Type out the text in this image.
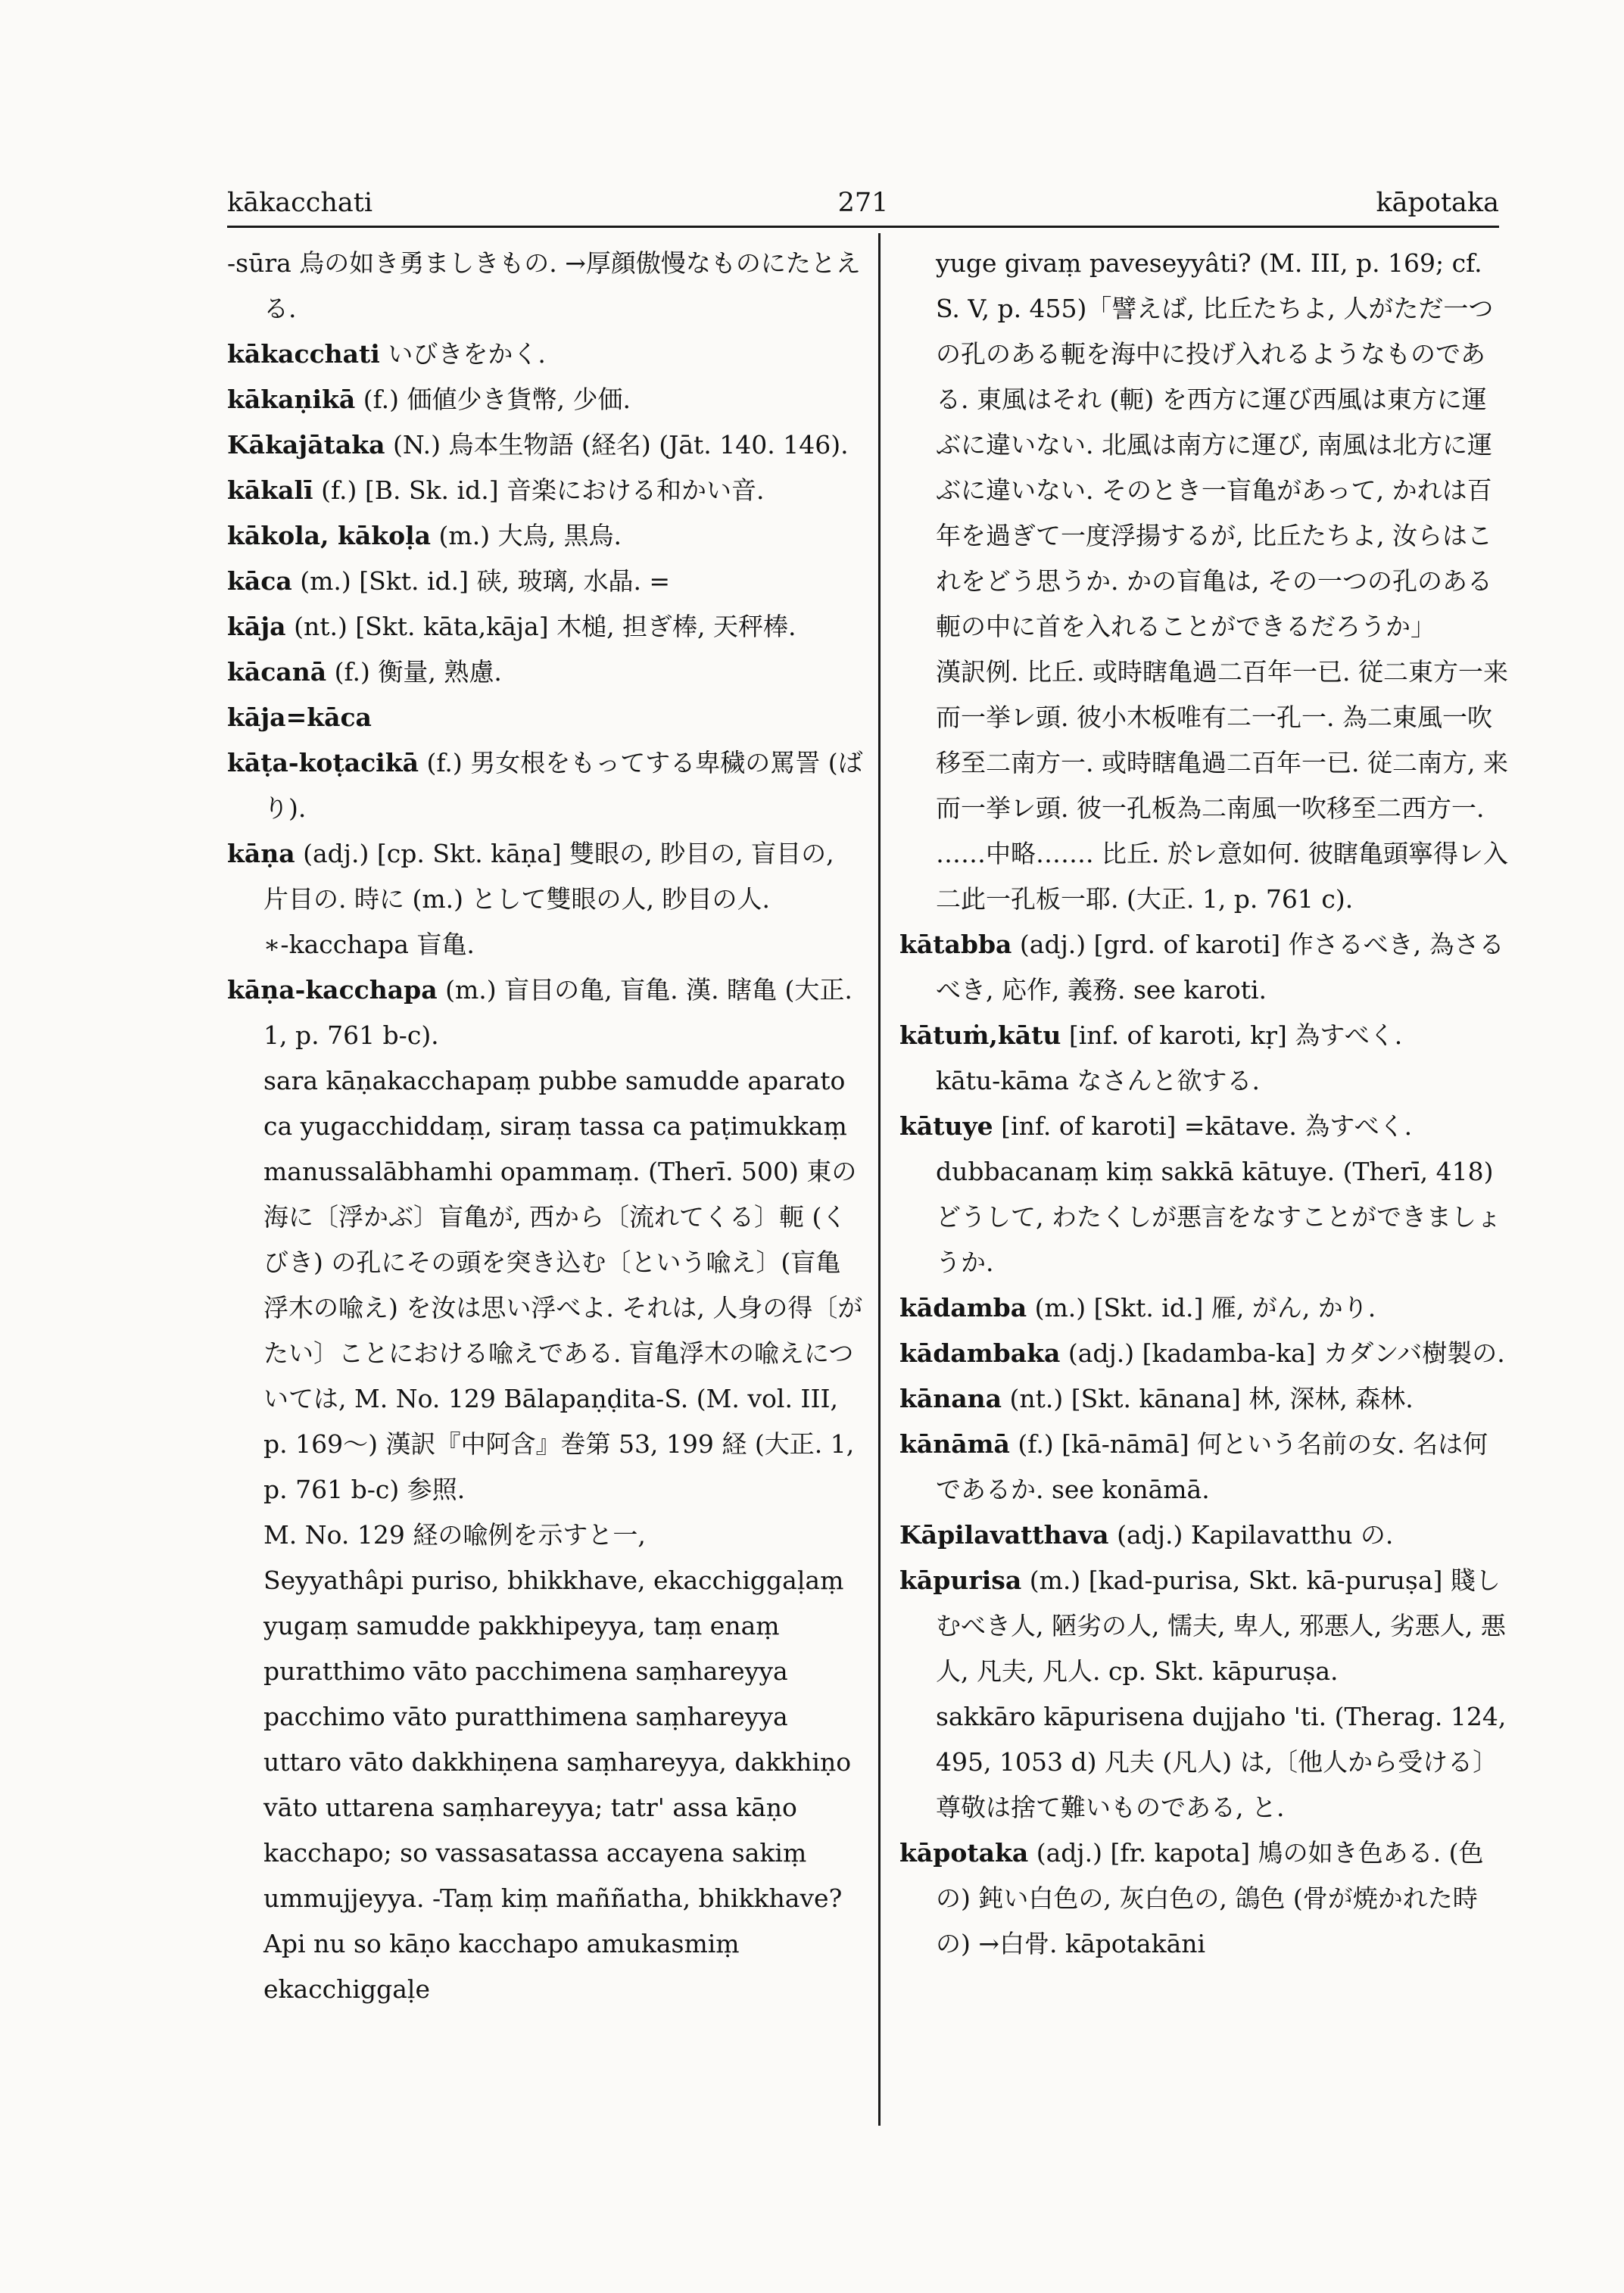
kākacchati	271	kāpotaka

-sūra 烏の如き勇ましきもの. →厚顔傲慢なものにたとえる.

kākacchati いびきをかく.

kākaṇikā (f.) 価値少き貨幣, 少価.

Kākajātaka (N.) 烏本生物語 (経名) (Jāt. 140. 146).

kākalī (f.) [B. Sk. id.] 音楽における和かい音.

kākola, kākoḷa (m.) 大烏, 黒烏.

kāca (m.) [Skt. id.] 硖, 玻璃, 水晶. =

kāja (nt.) [Skt. kāta,kāja] 木槌, 担ぎ棒, 天秤棒.

kācanā (f.) 衡量, 熟慮.

kāja=kāca

kāṭa-koṭacikā (f.) 男女根をもってする卑穢の罵詈 (ばり).

kāṇa (adj.) [cp. Skt. kāṇa] 雙眼の, 眇目の, 盲目の, 片目の. 時に (m.) として雙眼の人, 眇目の人.

∗-kacchapa 盲亀.

kāṇa-kacchapa (m.) 盲目の亀, 盲亀. 漢. 瞎亀 (大正. 1, p. 761 b-c).

sara kāṇakacchapaṃ pubbe samudde aparato ca yugacchiddaṃ, siraṃ tassa ca paṭimukkaṃ manussalābhamhi opammaṃ. (Therī. 500) 東の海に〔浮かぶ〕盲亀が, 西から〔流れてくる〕軛 (くびき) の孔にその頭を突き込む〔という喩え〕(盲亀浮木の喩え) を汝は思い浮べよ. それは, 人身の得〔がたい〕ことにおける喩えである. 盲亀浮木の喩えについては, M. No. 129 Bālapaṇḍita-S. (M. vol. III, p. 169〜) 漢訳『中阿含』巻第 53, 199 経 (大正. 1, p. 761 b-c) 参照.

M. No. 129 経の喩例を示すと一,

Seyyathâpi puriso, bhikkhave, ekacchiggaḷaṃ yugaṃ samudde pakkhipeyya, taṃ enaṃ puratthimo vāto pacchimena saṃhareyya pacchimo vāto puratthimena saṃhareyya uttaro vāto dakkhiṇena saṃhareyya, dakkhiṇo vāto uttarena saṃhareyya; tatr' assa kāṇo kacchapo; so vassasatassa accayena sakiṃ ummujjeyya. -Taṃ kiṃ maññatha, bhikkhave? Api nu so kāṇo kacchapo amukasmiṃ ekacchiggaḷe

yuge givaṃ paveseyyâti? (M. III, p. 169; cf. S. V, p. 455)「譬えば, 比丘たちよ, 人がただ一つの孔のある軛を海中に投げ入れるようなものである. 東風はそれ (軛) を西方に運び西風は東方に運ぶに違いない. 北風は南方に運び, 南風は北方に運ぶに違いない. そのとき一盲亀があって, かれは百年を過ぎて一度浮揚するが, 比丘たちよ, 汝らはこれをどう思うか. かの盲亀は, その一つの孔のある軛の中に首を入れることができるだろうか」

漢訳例. 比丘. 或時瞎亀過二百年一已. 従二東方一来而一挙レ頭. 彼小木板唯有二一孔一. 為二東風一吹移至二南方一. 或時瞎亀過二百年一已. 従二南方, 来而一挙レ頭. 彼一孔板為二南風一吹移至二西方一. ……中略……. 比丘. 於レ意如何. 彼瞎亀頭寧得レ入二此一孔板一耶. (大正. 1, p. 761 c).

kātabba (adj.) [grd. of karoti] 作さるべき, 為さるべき, 応作, 義務. see karoti.

kātuṁ,kātu [inf. of karoti, kṛ] 為すべく.

kātu-kāma なさんと欲する.

kātuye [inf. of karoti] =kātave. 為すべく. dubbacanaṃ kiṃ sakkā kātuye. (Therī, 418) どうして, わたくしが悪言をなすことができましょうか.

kādamba (m.) [Skt. id.] 雁, がん, かり.

kādambaka (adj.) [kadamba-ka] カダンバ樹製の.

kānana (nt.) [Skt. kānana] 林, 深林, 森林.

kānāmā (f.) [kā-nāmā] 何という名前の女. 名は何であるか. see konāmā.

Kāpilavatthava (adj.) Kapilavatthu の.

kāpurisa (m.) [kad-purisa, Skt. kā-puruṣa] 賤しむべき人, 陋劣の人, 懦夫, 卑人, 邪悪人, 劣悪人, 悪人, 凡夫, 凡人. cp. Skt. kāpuruṣa.

sakkāro kāpurisena dujjaho 'ti. (Therag. 124, 495, 1053 d) 凡夫 (凡人) は,〔他人から受ける〕尊敬は捨て難いものである, と.

kāpotaka (adj.) [fr. kapota] 鳩の如き色ある. (色の) 鈍い白色の, 灰白色の, 鴿色 (骨が焼かれた時の) →白骨. kāpotakāni
